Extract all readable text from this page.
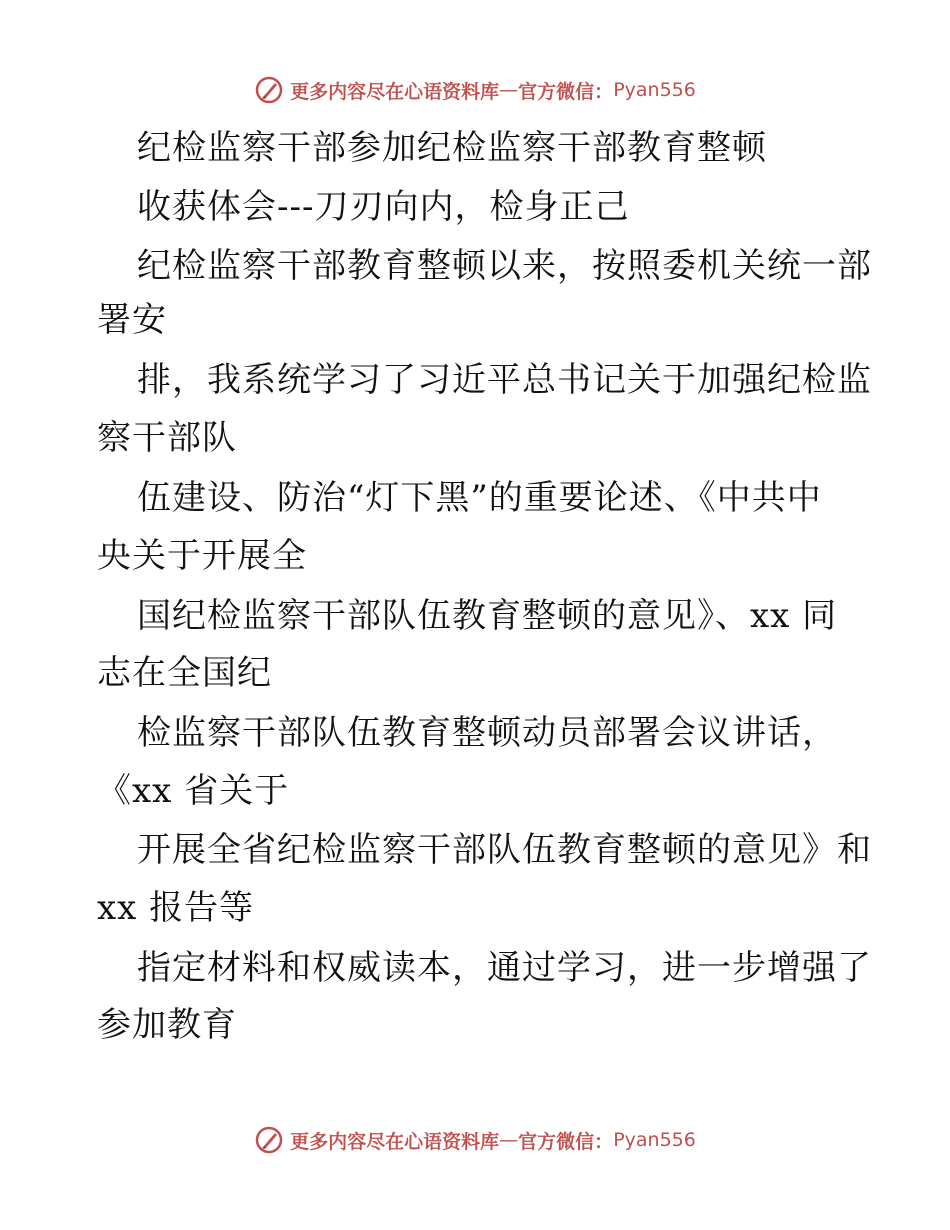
更多内容尽在心语资料库 — 官方微信： Pyan556
纪检监察干部参加纪检监察干部教育整顿
收获体会---刀刃向内，检身正己
纪检监察干部教育整顿以来，按照委机关统一部
署安
排，我系统学习了习近平总书记关于加强纪检监
察干部队
伍建设、防治“灯下黑”的重要论述、《中共中
央关于开展全
国纪检监察干部队伍教育整顿的意见》、xx 同
志在全国纪
检监察干部队伍教育整顿动员部署会议讲话，
《xx 省关于
开展全省纪检监察干部队伍教育整顿的意见》和
xx 报告等
指定材料和权威读本，通过学习，进一步增强了
参加教育
更多内容尽在心语资料库 — 官方微信： Pyan556
